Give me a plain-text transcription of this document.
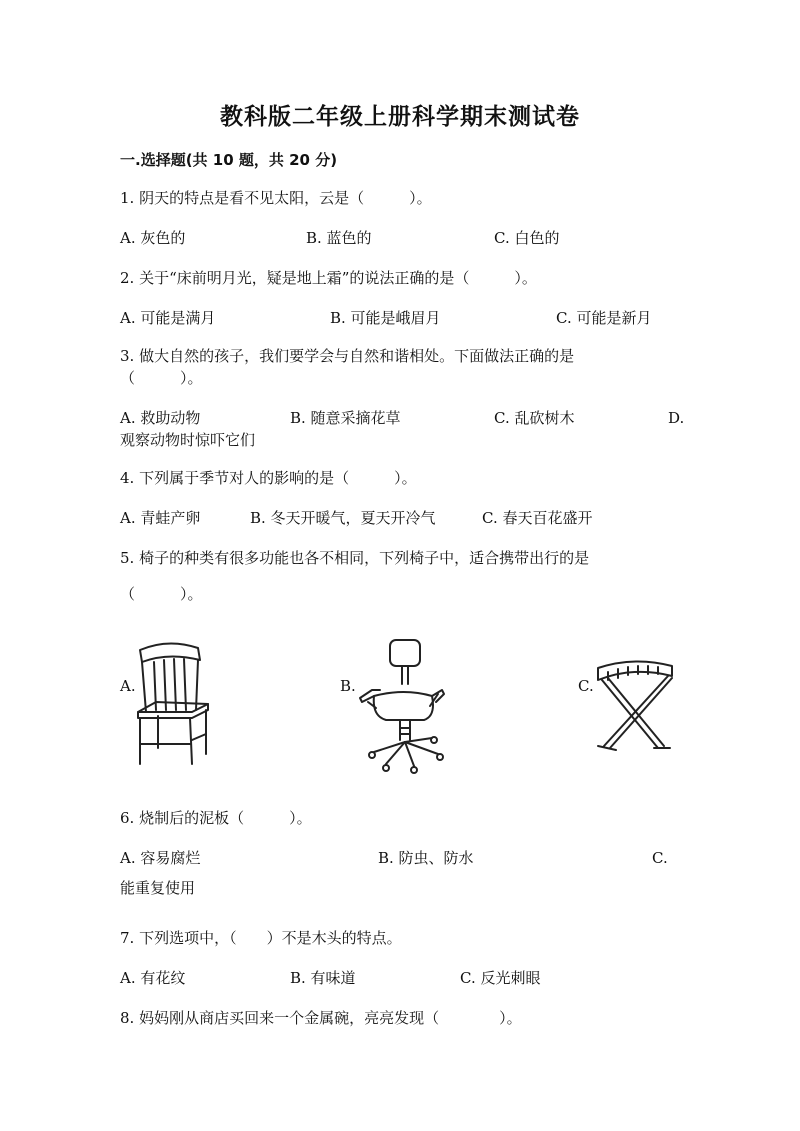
教科版二年级上册科学期末测试卷
一.选择题(共 10 题，共 20 分)
1. 阴天的特点是看不见太阳，云是（　　　）。
A. 灰色的	B. 蓝色的	C. 白色的
2. 关于“床前明月光，疑是地上霜”的说法正确的是（　　　）。
A. 可能是满月	B. 可能是峨眉月	C. 可能是新月
3. 做大自然的孩子，我们要学会与自然和谐相处。下面做法正确的是
（　　　）。
A. 救助动物	B. 随意采摘花草	C. 乱砍树木	D.
观察动物时惊吓它们
4. 下列属于季节对人的影响的是（　　　）。
A. 青蛙产卵	B. 冬天开暖气，夏天开冷气	C. 春天百花盛开
5. 椅子的种类有很多功能也各不相同，下列椅子中，适合携带出行的是
（　　　）。
A.	B.	C.
6. 烧制后的泥板（　　　）。
A. 容易腐烂	B. 防虫、防水	C.
能重复使用
7. 下列选项中，（　　）不是木头的特点。
A. 有花纹	B. 有味道	C. 反光刺眼
8. 妈妈刚从商店买回来一个金属碗，亮亮发现（　　　　）。
